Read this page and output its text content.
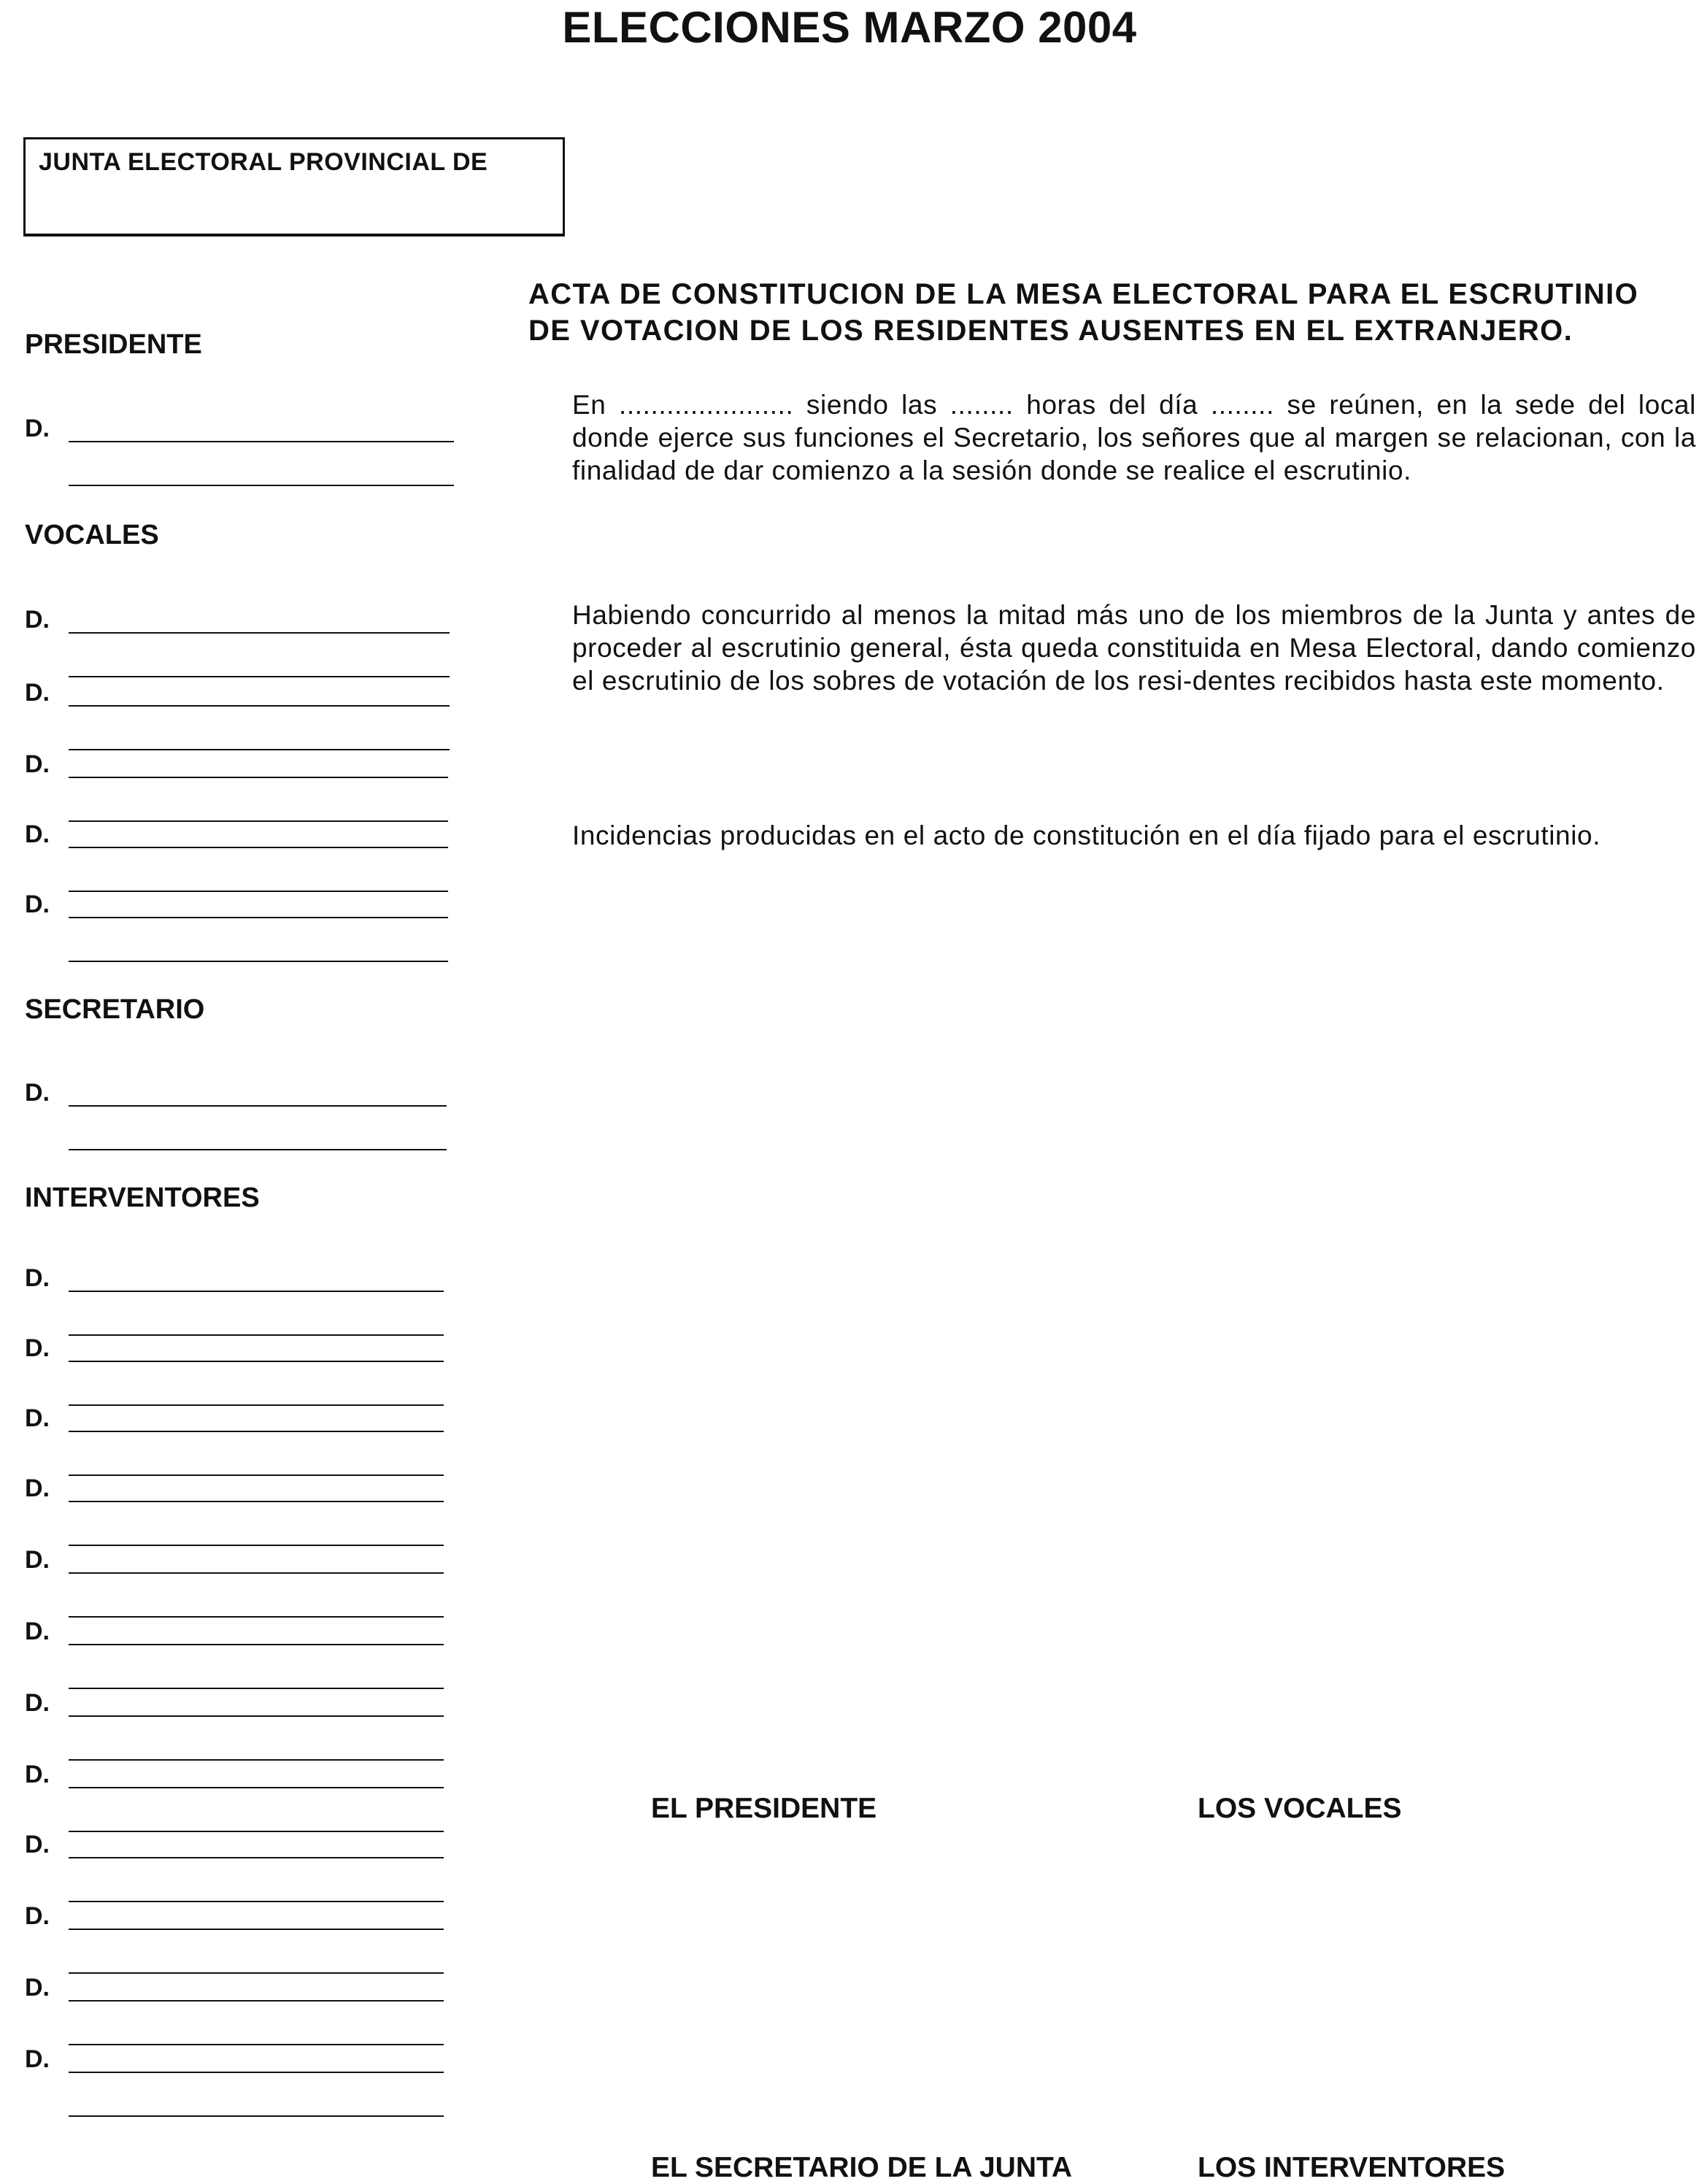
ELECCIONES MARZO 2004
JUNTA ELECTORAL PROVINCIAL DE
PRESIDENTE
VOCALES
SECRETARIO
INTERVENTORES
D.
D.
D.
D.
D.
D.
D.
D.
D.
D.
D.
D.
D.
D.
D.
D.
D.
D.
D.
ACTA DE CONSTITUCION DE LA MESA ELECTORAL PARA EL ESCRUTINIO
DE VOTACION DE LOS RESIDENTES AUSENTES EN EL EXTRANJERO.
En ...................... siendo las ........ horas del día ........ se reúnen, en la sede del local donde ejerce sus funciones el Secretario, los señores que al margen se relacionan, con la finalidad de dar comienzo a la sesión donde se realice el escrutinio.
Habiendo concurrido al menos la mitad más uno de los miembros de la Junta y antes de proceder al escrutinio general, ésta queda constituida en Mesa Electoral, dando comienzo el escrutinio de los sobres de votación de los resi-dentes recibidos hasta este momento.
Incidencias producidas en el acto de constitución en el día fijado para el escrutinio.
EL PRESIDENTE	LOS VOCALES
EL SECRETARIO DE LA JUNTA	LOS INTERVENTORES
